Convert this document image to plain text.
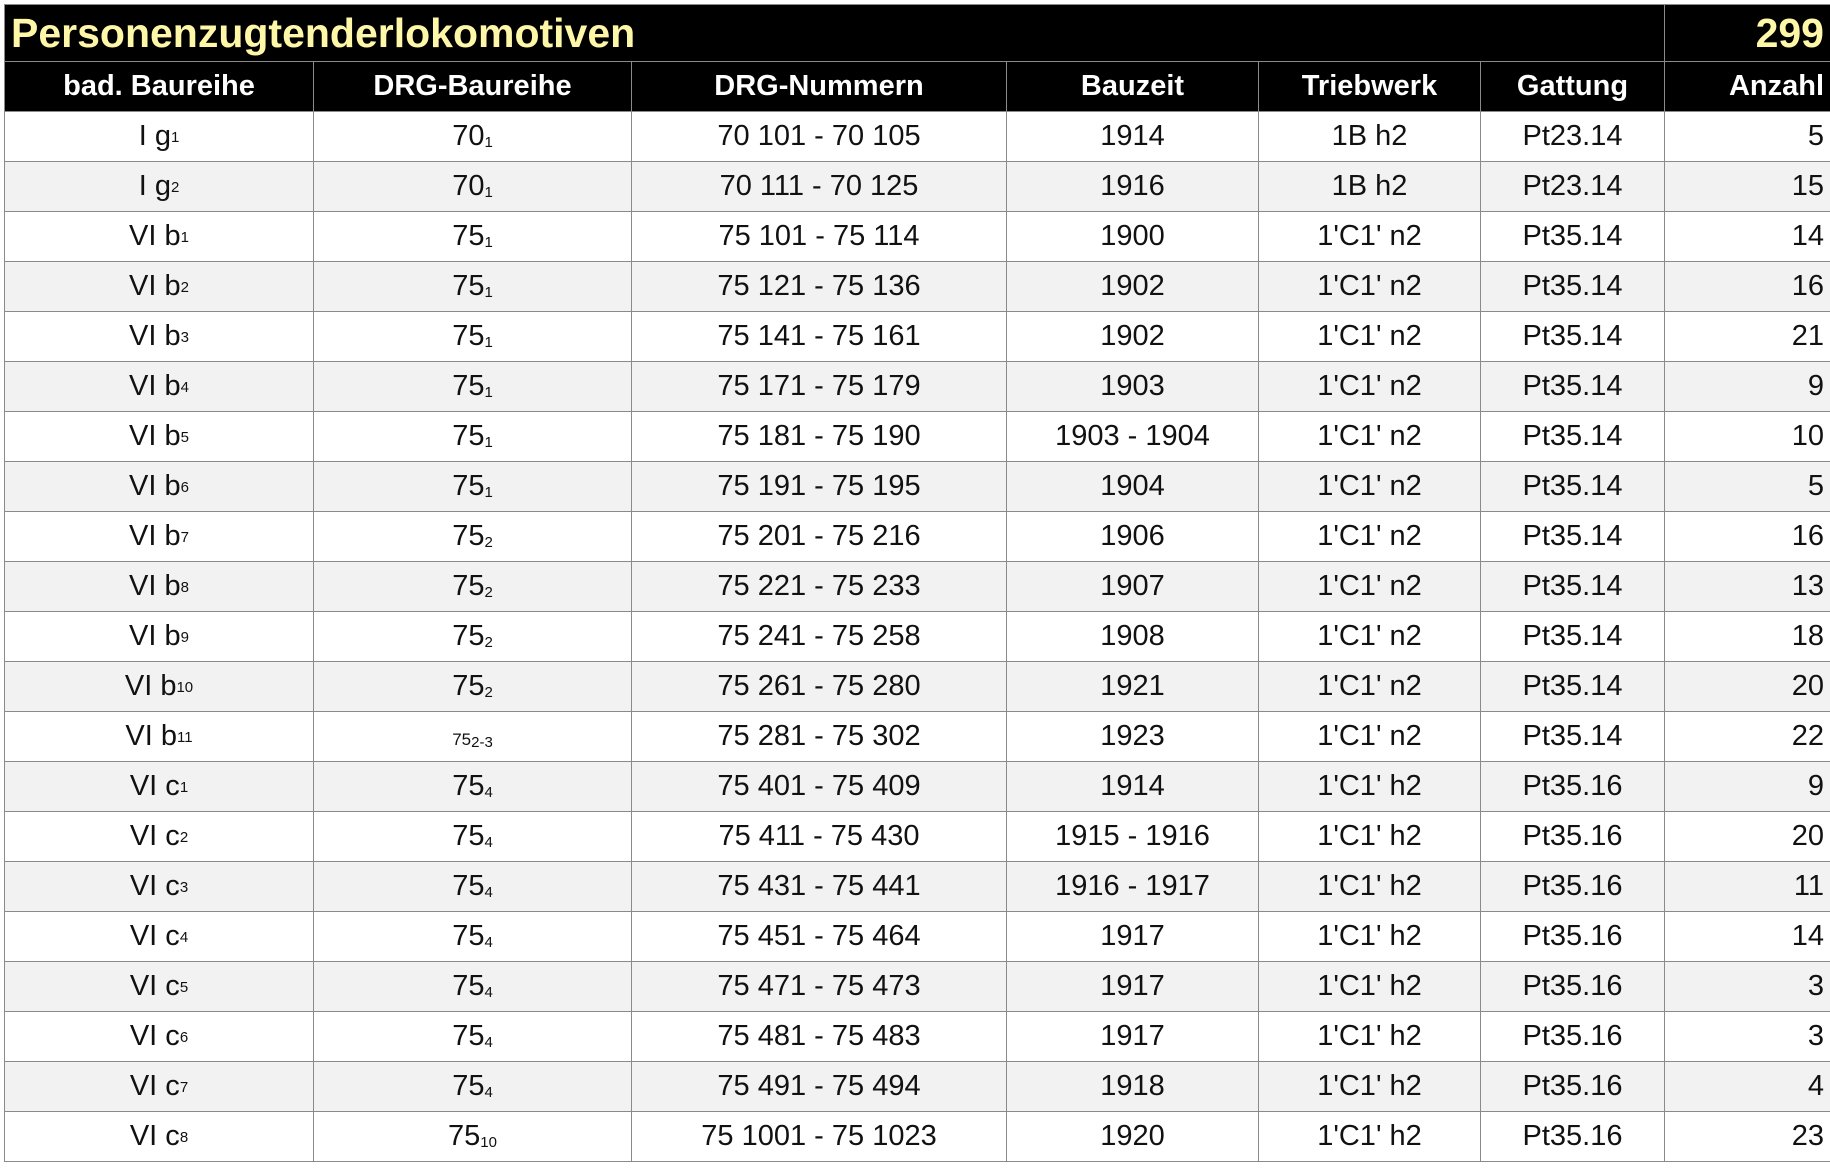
Personenzugtenderlokomotiven						299
bad. Baureihe	DRG-Baureihe	DRG-Nummern	Bauzeit	Triebwerk	Gattung	Anzahl
I $g^1$	$70_1$	70 101 - 70 105	1914	1B h2	Pt23.14	5
I $g^2$	$70_1$	70 111 - 70 125	1916	1B h2	Pt23.14	15
VI $b^1$	$75_1$	75 101 - 75 114	1900	1'C1' n2	Pt35.14	14
VI $b^2$	$75_1$	75 121 - 75 136	1902	1'C1' n2	Pt35.14	16
VI $b^3$	$75_1$	75 141 - 75 161	1902	1'C1' n2	Pt35.14	21
VI $b^4$	$75_1$	75 171 - 75 179	1903	1'C1' n2	Pt35.14	9
VI $b^5$	$75_1$	75 181 - 75 190	1903 - 1904	1'C1' n2	Pt35.14	10
VI $b^6$	$75_1$	75 191 - 75 195	1904	1'C1' n2	Pt35.14	5
VI $b^7$	$75_2$	75 201 - 75 216	1906	1'C1' n2	Pt35.14	16
VI $b^8$	$75_2$	75 221 - 75 233	1907	1'C1' n2	Pt35.14	13
VI $b^9$	$75_2$	75 241 - 75 258	1908	1'C1' n2	Pt35.14	18
VI $b^{10}$	$75_2$	75 261 - 75 280	1921	1'C1' n2	Pt35.14	20
VI $b^{11}$	$75_{2-3}$	75 281 - 75 302	1923	1'C1' n2	Pt35.14	22
VI $c^1$	$75_4$	75 401 - 75 409	1914	1'C1' h2	Pt35.16	9
VI $c^2$	$75_4$	75 411 - 75 430	1915 - 1916	1'C1' h2	Pt35.16	20
VI $c^3$	$75_4$	75 431 - 75 441	1916 - 1917	1'C1' h2	Pt35.16	11
VI $c^4$	$75_4$	75 451 - 75 464	1917	1'C1' h2	Pt35.16	14
VI $c^5$	$75_4$	75 471 - 75 473	1917	1'C1' h2	Pt35.16	3
VI $c^6$	$75_4$	75 481 - 75 483	1917	1'C1' h2	Pt35.16	3
VI $c^7$	$75_4$	75 491 - 75 494	1918	1'C1' h2	Pt35.16	4
VI $c^8$	$75_{10}$	75 1001 - 75 1023	1920	1'C1' h2	Pt35.16	23
